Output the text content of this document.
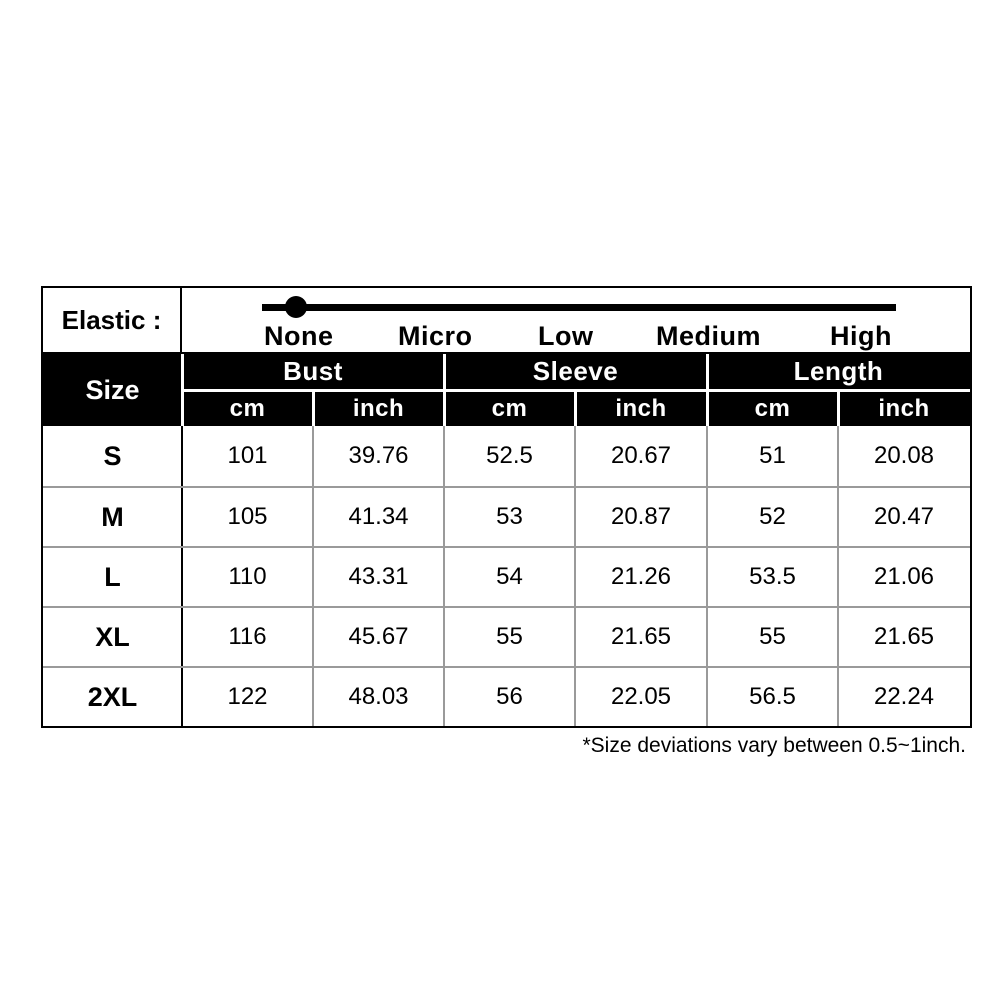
Elastic :
None Micro Low Medium	High
Size
Bust	Sleeve	Length
cm	inch	cm	inch	cm	inch
S	101	39.76	52.5	20.67	51	20.08
M	105	41.34	53	20.87	52	20.47
L	110	43.31	54	21.26	53.5	21.06
XL	116	45.67	55	21.65	55	21.65
2XL	122	48.03	56	22.05	56.5	22.24
*Size deviations vary between 0.5~1inch.
